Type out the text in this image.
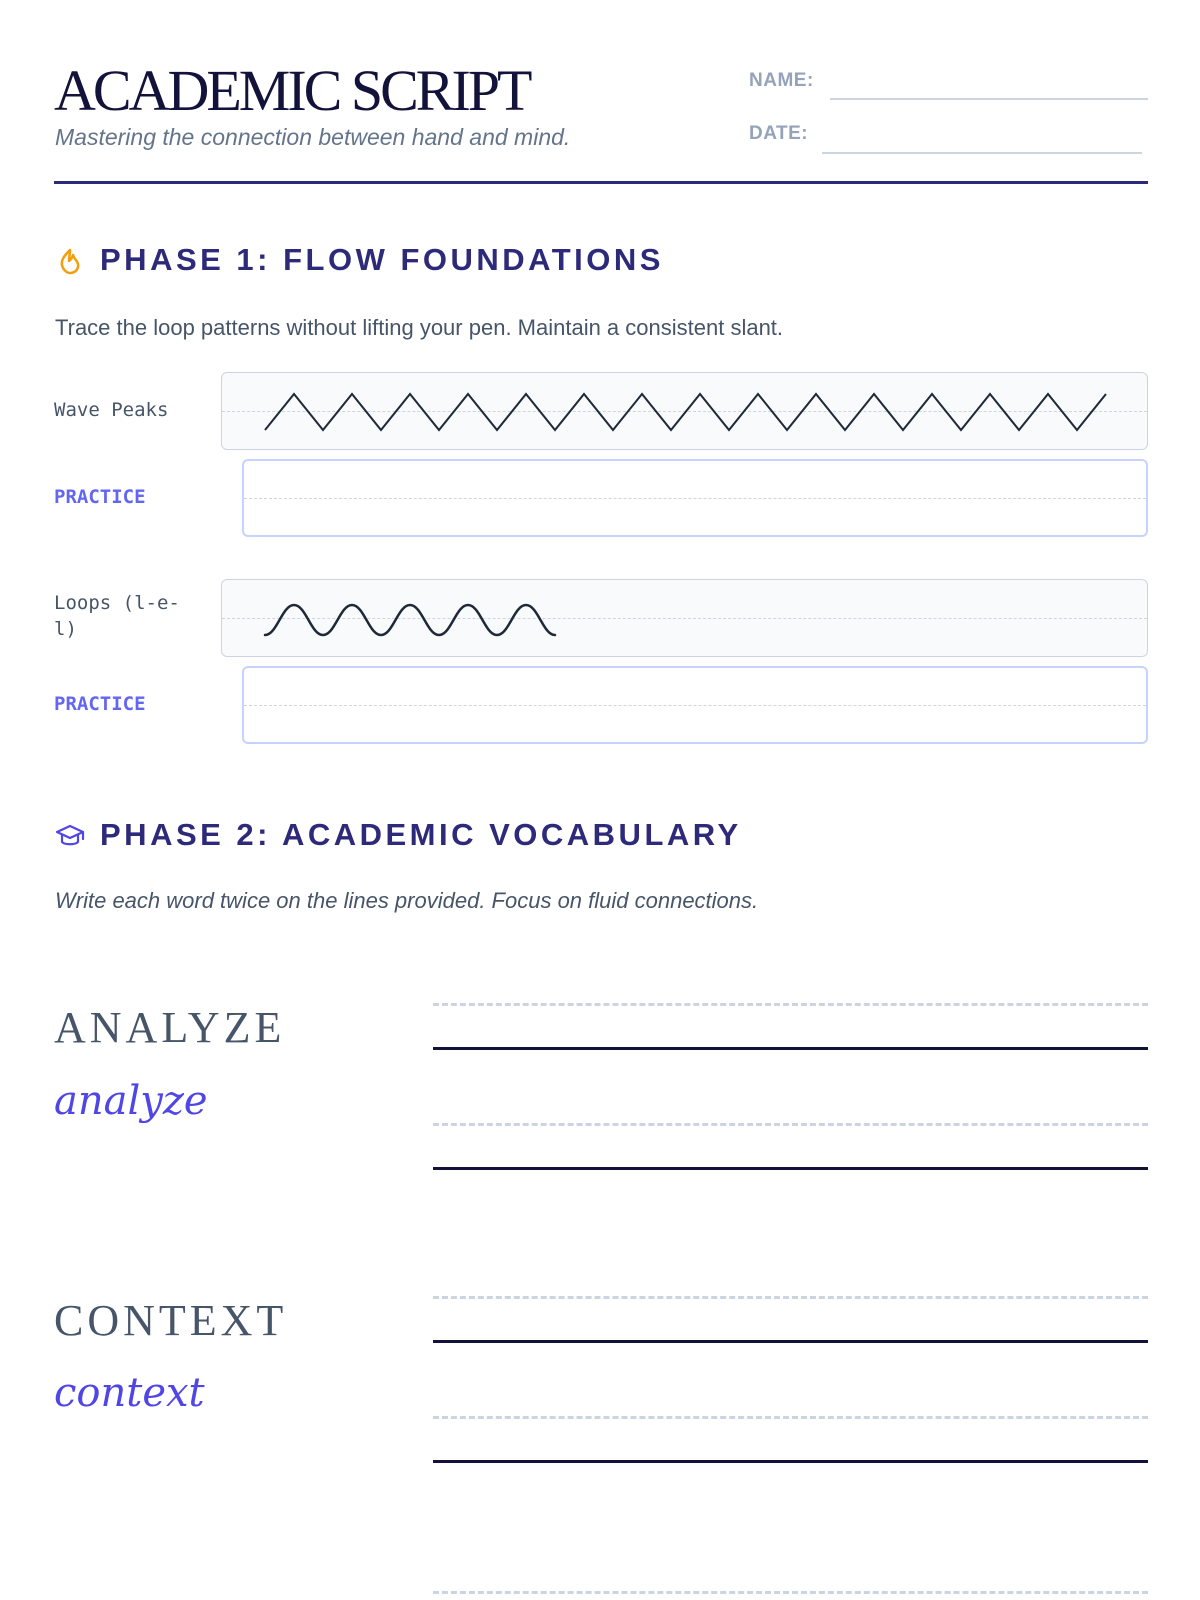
ACADEMIC SCRIPT
Mastering the connection between hand and mind.
NAME:
DATE:
PHASE 1: FLOW FOUNDATIONS
Trace the loop patterns without lifting your pen. Maintain a consistent slant.
Wave Peaks
PRACTICE
Loops (l-e-l)
PRACTICE
PHASE 2: ACADEMIC VOCABULARY
Write each word twice on the lines provided. Focus on fluid connections.
ANALYZE
analyze
CONTEXT
context
